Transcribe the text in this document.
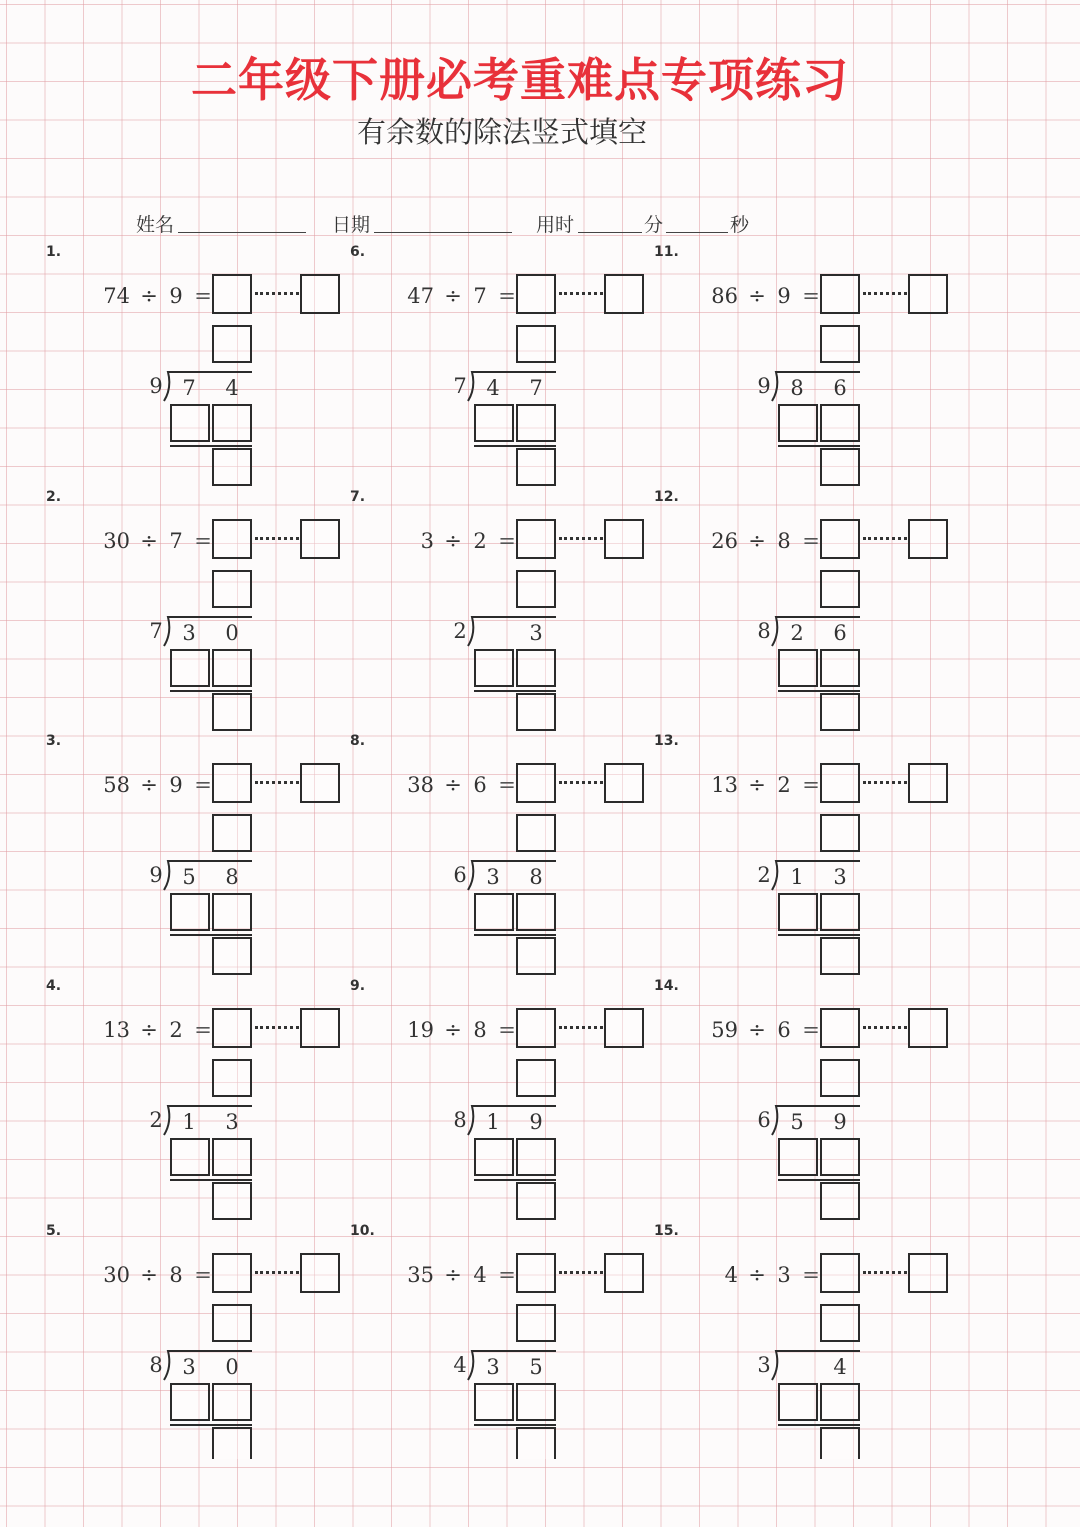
二年级下册必考重难点专项练习
有余数的除法竖式填空
姓名	日期	用时	分	秒
1.
74 ÷ 9 =
9 7 4
2.
30 ÷ 7 =
7 3 0
3.
58 ÷ 9 =
9 5 8
4.
13 ÷ 2 =
2 1 3
5.
30 ÷ 8 =
8 3 0
6.
47 ÷ 7 =
7 4 7
7.
3 ÷ 2 =
2	3
8.
38 ÷ 6 =
6 3 8
9.
19 ÷ 8 =
8 1 9
10.
35 ÷ 4 =
4 3 5
11.
86 ÷ 9 =
9 8 6
12.
26 ÷ 8 =
8 2 6
13.
13 ÷ 2 =
2 1 3
14.
59 ÷ 6 =
6 5 9
15.
4 ÷ 3 =
3	4
